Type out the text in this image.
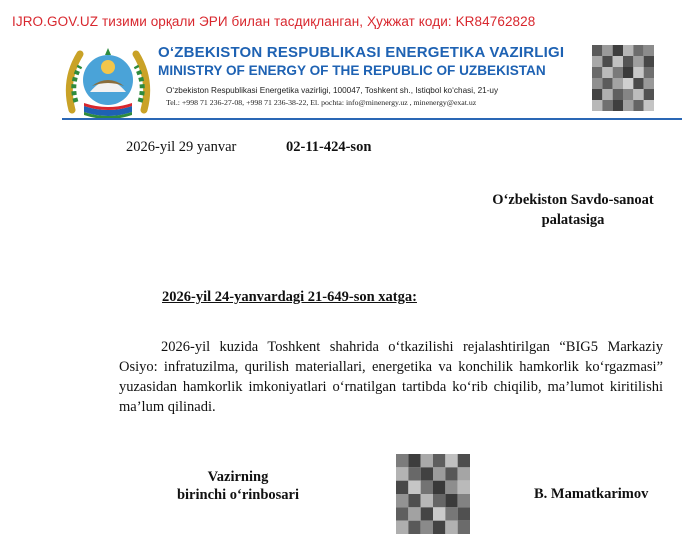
IJRO.GOV.UZ тизими орқали ЭРИ билан тасдиқланган, Ҳужжат коди: KR84762828
O‘ZBEKISTON RESPUBLIKASI ENERGETIKA VAZIRLIGI
MINISTRY OF ENERGY OF THE REPUBLIC OF UZBEKISTAN
O‘zbekiston Respublikasi Energetika vazirligi, 100047, Toshkent sh., Istiqbol ko‘chasi, 21-uy
Tel.: +998 71 236-27-08, +998 71 236-38-22, El. pochta: info@minenergy.uz , minenergy@exat.uz
2026-yil 29 yanvar	02-11-424-son
O‘zbekiston Savdo-sanoat
palatasiga
2026-yil 24-yanvardagi 21-649-son xatga:

2026-yil kuzida Toshkent shahrida o‘tkazilishi rejalashtirilgan “BIG5 Markaziy Osiyo: infratuzilma, qurilish materiallari, energetika va konchilik hamkorlik ko‘rgazmasi” yuzasidan hamkorlik imkoniyatlari o‘rnatilgan tartibda ko‘rib chiqilib, ma’lumot kiritilishi ma’lum qilinadi.

Vazirning
birinchi o‘rinbosari	B. Mamatkarimov
